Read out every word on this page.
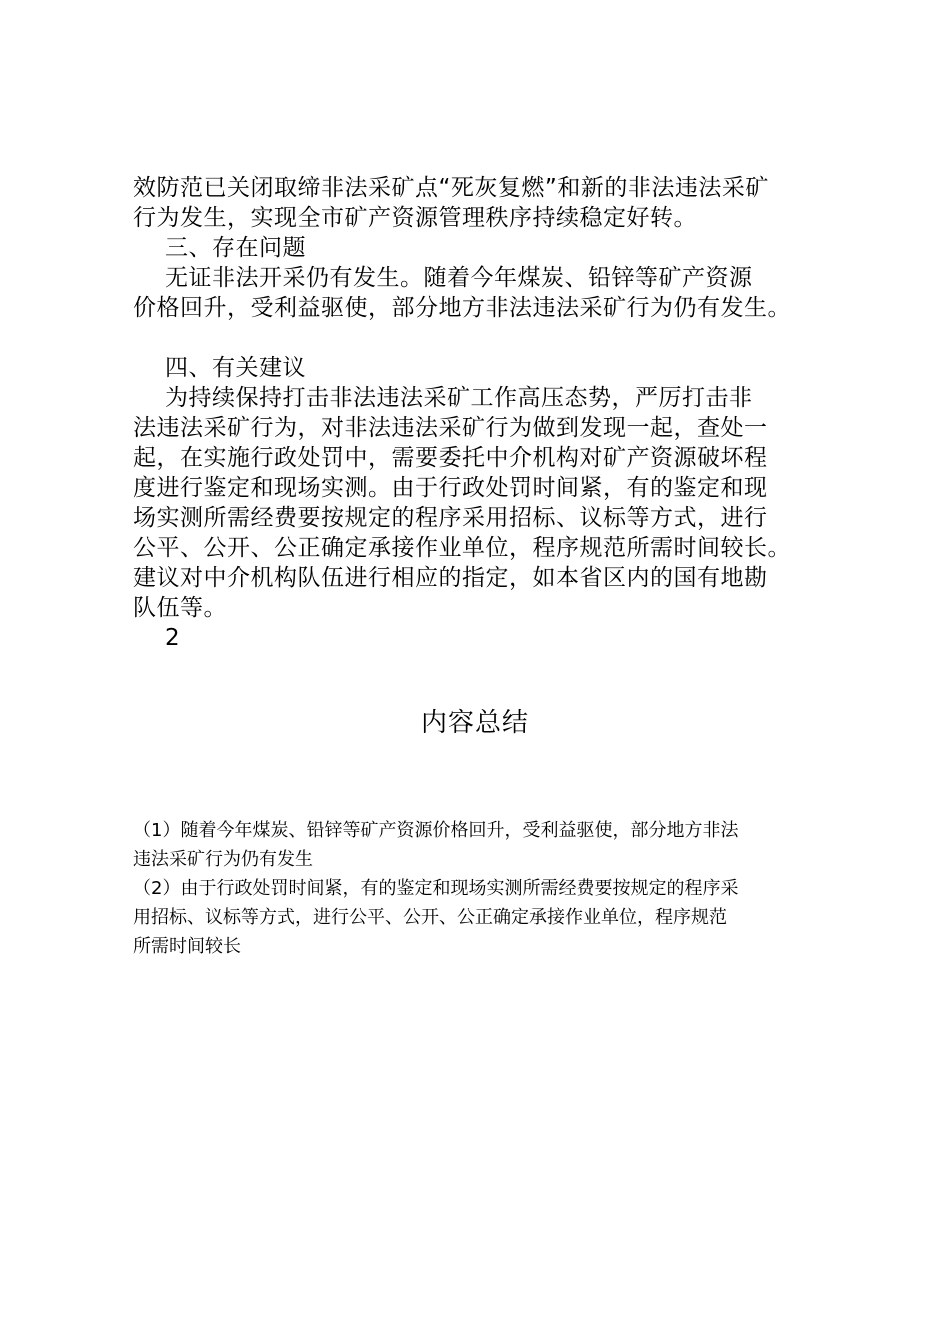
效防范已关闭取缔非法采矿点“死灰复燃”和新的非法违法采矿
行为发生，实现全市矿产资源管理秩序持续稳定好转。
三、存在问题
无证非法开采仍有发生。随着今年煤炭、铅锌等矿产资源
价格回升，受利益驱使，部分地方非法违法采矿行为仍有发生。
四、有关建议
为持续保持打击非法违法采矿工作高压态势，严厉打击非
法违法采矿行为，对非法违法采矿行为做到发现一起，查处一
起，在实施行政处罚中，需要委托中介机构对矿产资源破坏程
度进行鉴定和现场实测。由于行政处罚时间紧，有的鉴定和现
场实测所需经费要按规定的程序采用招标、议标等方式，进行
公平、公开、公正确定承接作业单位，程序规范所需时间较长。
建议对中介机构队伍进行相应的指定，如本省区内的国有地勘
队伍等。
2
内容总结
（1）随着今年煤炭、铅锌等矿产资源价格回升，受利益驱使，部分地方非法
违法采矿行为仍有发生
（2）由于行政处罚时间紧，有的鉴定和现场实测所需经费要按规定的程序采
用招标、议标等方式，进行公平、公开、公正确定承接作业单位，程序规范
所需时间较长
